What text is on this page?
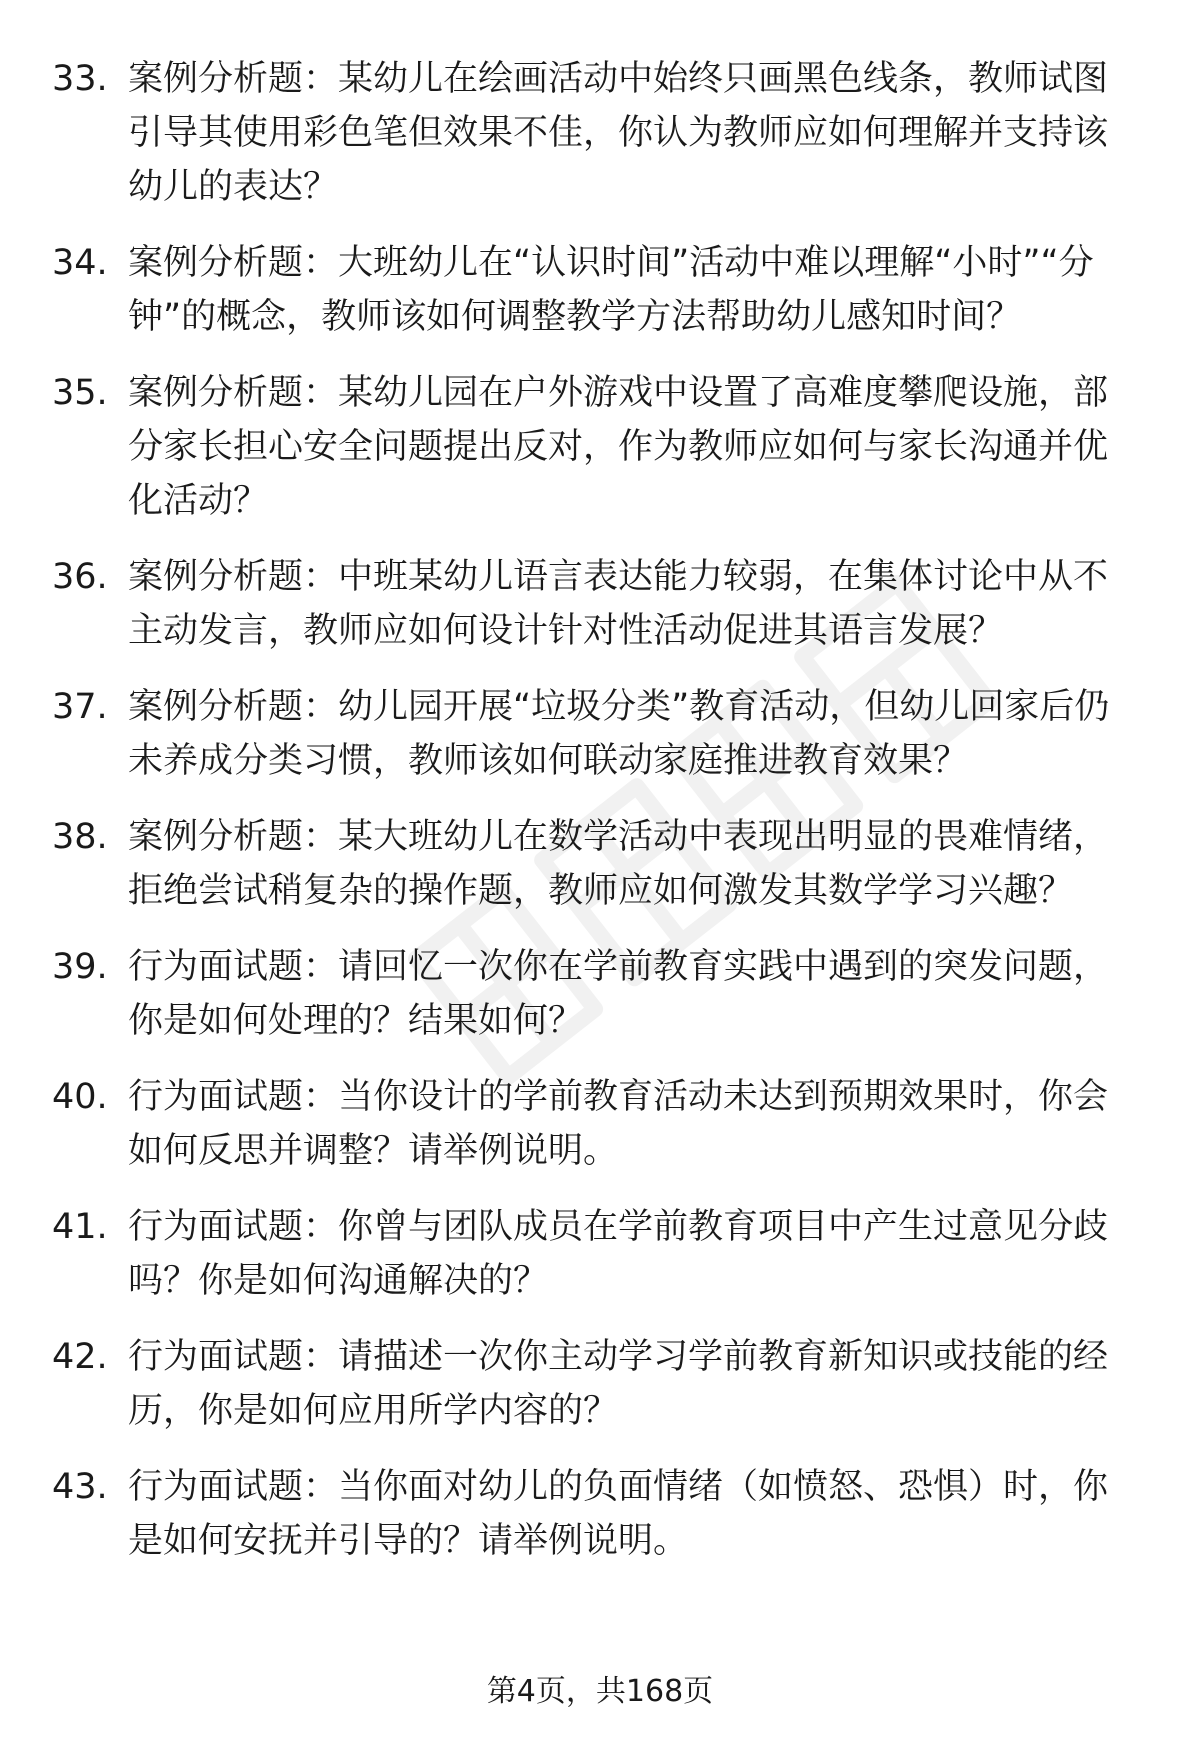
33. 案例分析题：某幼儿在绘画活动中始终只画黑色线条，教师试图引导其使用彩色笔但效果不佳，你认为教师应如何理解并支持该幼儿的表达？
34. 案例分析题：大班幼儿在“认识时间”活动中难以理解“小时”“分钟”的概念，教师该如何调整教学方法帮助幼儿感知时间？
35. 案例分析题：某幼儿园在户外游戏中设置了高难度攀爬设施，部分家长担心安全问题提出反对，作为教师应如何与家长沟通并优化活动？
36. 案例分析题：中班某幼儿语言表达能力较弱，在集体讨论中从不主动发言，教师应如何设计针对性活动促进其语言发展？
37. 案例分析题：幼儿园开展“垃圾分类”教育活动，但幼儿回家后仍未养成分类习惯，教师该如何联动家庭推进教育效果？
38. 案例分析题：某大班幼儿在数学活动中表现出明显的畏难情绪，拒绝尝试稍复杂的操作题，教师应如何激发其数学学习兴趣？
39. 行为面试题：请回忆一次你在学前教育实践中遇到的突发问题，你是如何处理的？结果如何？
40. 行为面试题：当你设计的学前教育活动未达到预期效果时，你会如何反思并调整？请举例说明。
41. 行为面试题：你曾与团队成员在学前教育项目中产生过意见分歧吗？你是如何沟通解决的？
42. 行为面试题：请描述一次你主动学习学前教育新知识或技能的经历，你是如何应用所学内容的？
43. 行为面试题：当你面对幼儿的负面情绪（如愤怒、恐惧）时，你是如何安抚并引导的？请举例说明。
第4页，共168页
